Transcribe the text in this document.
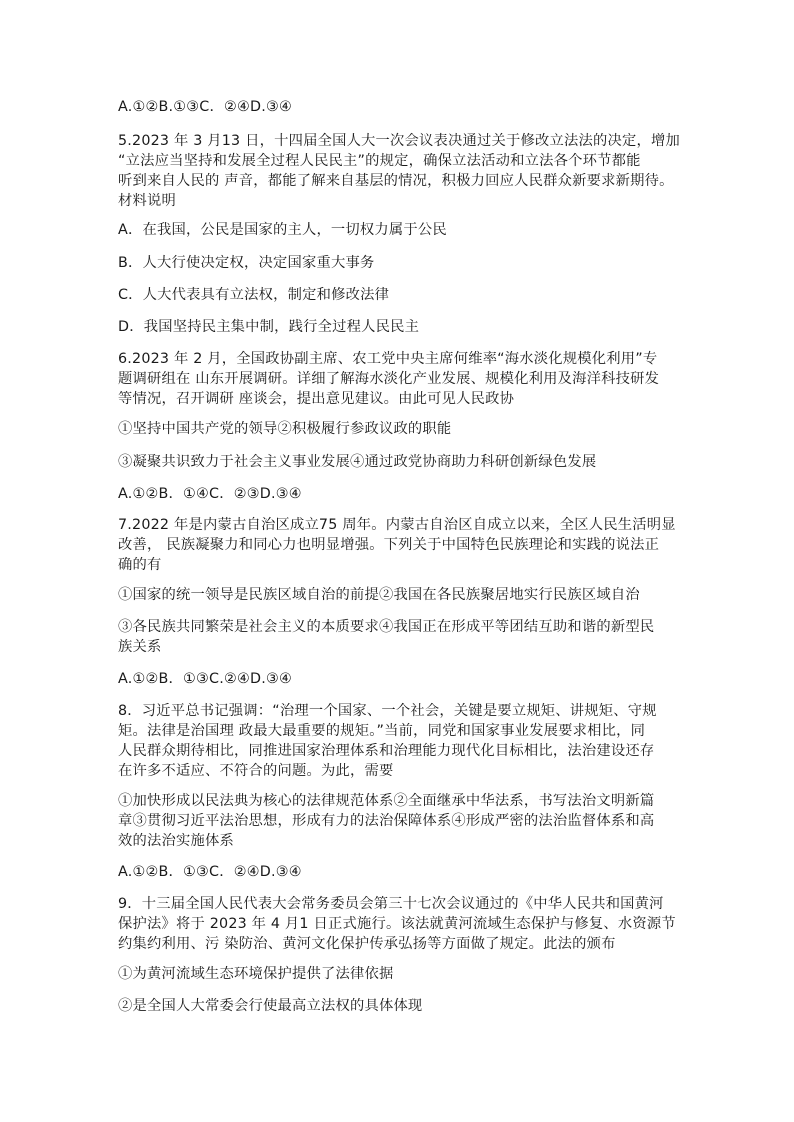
A.①②B.①③C．②④D.③④
5.2023 年 3 月13 日，十四届全国人大一次会议表决通过关于修改立法法的决定，增加
“立法应当坚持和发展全过程人民民主”的规定，确保立法活动和立法各个环节都能
听到来自人民的 声音，都能了解来自基层的情况，积极力回应人民群众新要求新期待。
材料说明
A．在我国，公民是国家的主人，一切权力属于公民
B．人大行使决定权，决定国家重大事务
C．人大代表具有立法权，制定和修改法律
D．我国坚持民主集中制，践行全过程人民民主
6.2023 年 2 月，全国政协副主席、农工党中央主席何维率“海水淡化规模化利用”专
题调研组在 山东开展调研。详细了解海水淡化产业发展、规模化利用及海洋科技研发
等情况，召开调研 座谈会，提出意见建议。由此可见人民政协
①坚持中国共产党的领导②积极履行参政议政的职能
③凝聚共识致力于社会主义事业发展④通过政党协商助力科研创新绿色发展
A.①②B．①④C．②③D.③④
7.2022 年是内蒙古自治区成立75 周年。内蒙古自治区自成立以来，全区人民生活明显
改善， 民族凝聚力和同心力也明显增强。下列关于中国特色民族理论和实践的说法正
确的有
①国家的统一领导是民族区域自治的前提②我国在各民族聚居地实行民族区域自治
③各民族共同繁荣是社会主义的本质要求④我国正在形成平等团结互助和谐的新型民
族关系
A.①②B．①③C.②④D.③④
8．习近平总书记强调：“治理一个国家、一个社会，关键是要立规矩、讲规矩、守规
矩。法律是治国理 政最大最重要的规矩。”当前，同党和国家事业发展要求相比，同
人民群众期待相比，同推进国家治理体系和治理能力现代化目标相比，法治建设还存
在许多不适应、不符合的问题。为此，需要
①加快形成以民法典为核心的法律规范体系②全面继承中华法系，书写法治文明新篇
章③贯彻习近平法治思想，形成有力的法治保障体系④形成严密的法治监督体系和高
效的法治实施体系
A.①②B．①③C．②④D.③④
9．十三届全国人民代表大会常务委员会第三十七次会议通过的《中华人民共和国黄河
保护法》将于 2023 年 4 月1 日正式施行。该法就黄河流域生态保护与修复、水资源节
约集约利用、污 染防治、黄河文化保护传承弘扬等方面做了规定。此法的颁布
①为黄河流域生态环境保护提供了法律依据
②是全国人大常委会行使最高立法权的具体体现
